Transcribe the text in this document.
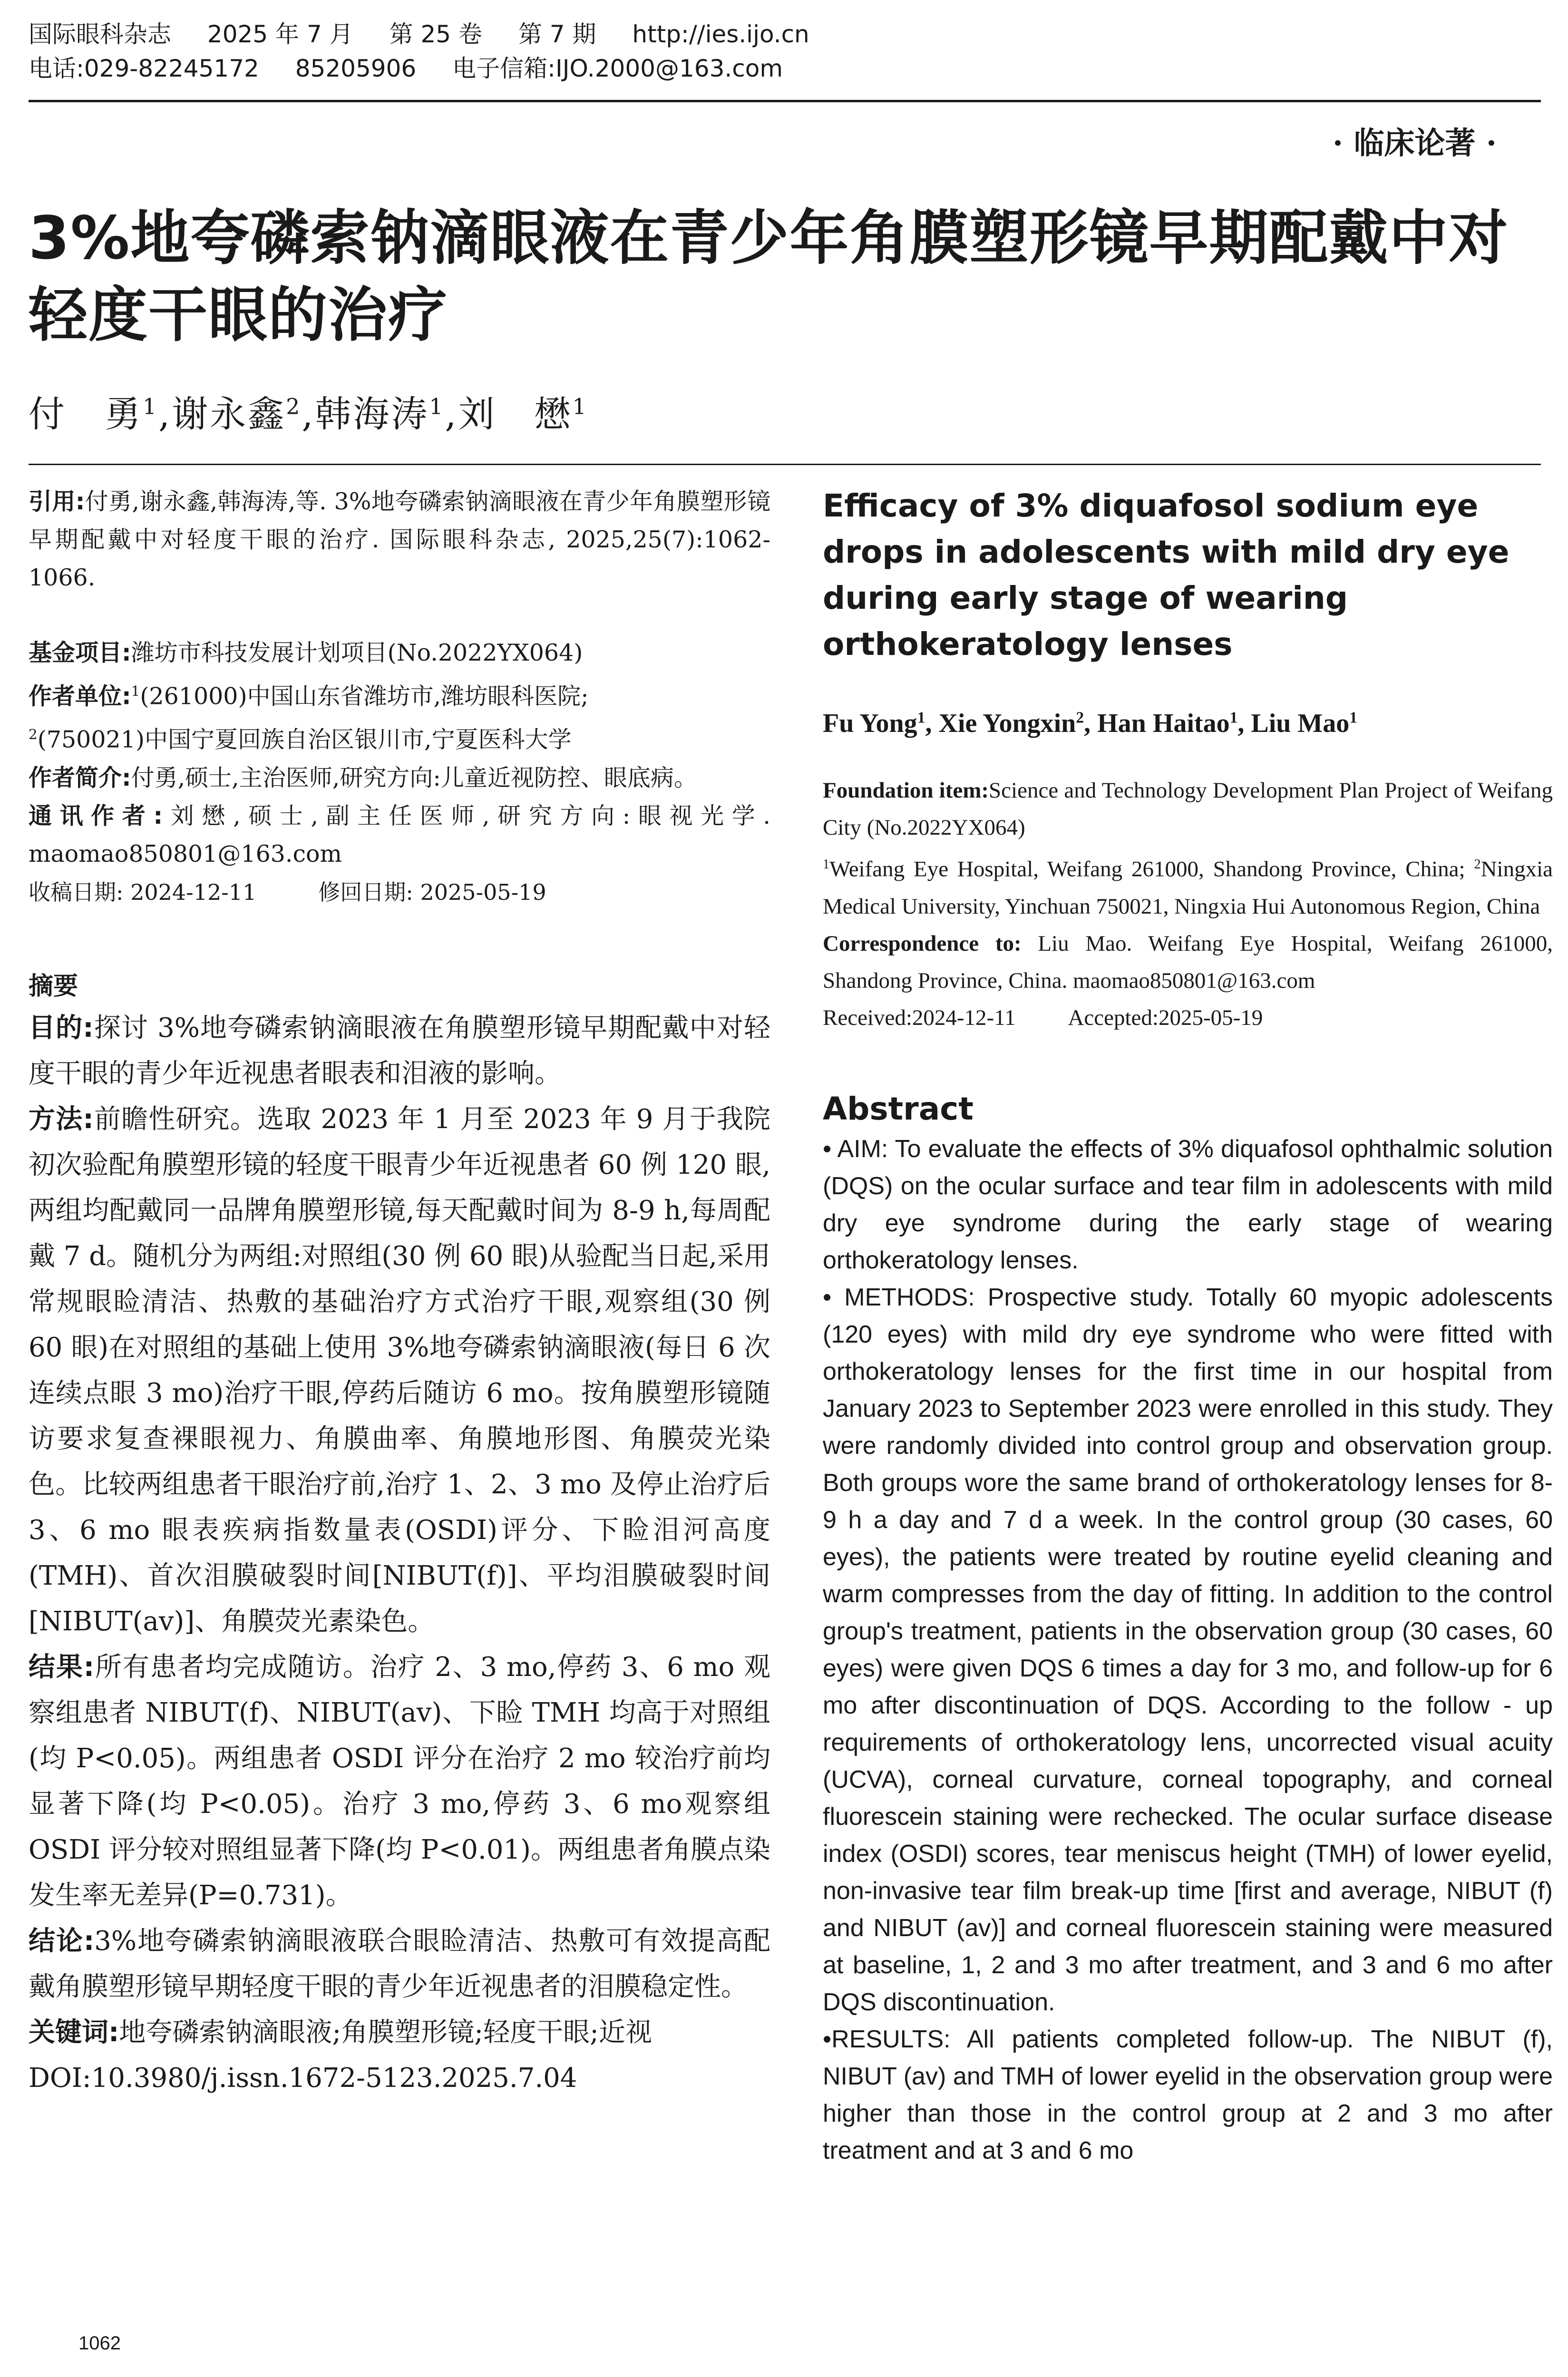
国际眼科杂志 2025 年 7 月 第 25 卷 第 7 期 http://ies.ijo.cn
电话:029-82245172 85205906 电子信箱:IJO.2000@163.com
· 临床论著 ·
3%地夸磷索钠滴眼液在青少年角膜塑形镜早期配戴中对轻度干眼的治疗
付　勇$^1$,谢永鑫$^2$,韩海涛$^1$,刘　懋$^1$

引用:付勇,谢永鑫,韩海涛,等. 3%地夸磷索钠滴眼液在青少年角膜塑形镜早期配戴中对轻度干眼的治疗. 国际眼科杂志, 2025,25(7):1062-1066.

基金项目:潍坊市科技发展计划项目(No.2022YX064)

作者单位:$^1$(261000)中国山东省潍坊市,潍坊眼科医院;
$^2$(750021)中国宁夏回族自治区银川市,宁夏医科大学

作者简介:付勇,硕士,主治医师,研究方向:儿童近视防控、眼底病。

通讯作者:刘懋,硕士,副主任医师,研究方向:眼视光学. maomao850801@163.com

收稿日期: 2024-12-11	修回日期: 2025-05-19
摘要

目的:探讨 3%地夸磷索钠滴眼液在角膜塑形镜早期配戴中对轻度干眼的青少年近视患者眼表和泪液的影响。

方法:前瞻性研究。选取 2023 年 1 月至 2023 年 9 月于我院初次验配角膜塑形镜的轻度干眼青少年近视患者 60 例 120 眼,两组均配戴同一品牌角膜塑形镜,每天配戴时间为 8-9 h,每周配戴 7 d。随机分为两组:对照组(30 例 60 眼)从验配当日起,采用常规眼睑清洁、热敷的基础治疗方式治疗干眼,观察组(30 例 60 眼)在对照组的基础上使用 3%地夸磷索钠滴眼液(每日 6 次连续点眼 3 mo)治疗干眼,停药后随访 6 mo。按角膜塑形镜随访要求复查裸眼视力、角膜曲率、角膜地形图、角膜荧光染色。比较两组患者干眼治疗前,治疗 1、2、3 mo 及停止治疗后 3、6 mo 眼表疾病指数量表(OSDI)评分、下睑泪河高度(TMH)、首次泪膜破裂时间[NIBUT(f)]、平均泪膜破裂时间[NIBUT(av)]、角膜荧光素染色。

结果:所有患者均完成随访。治疗 2、3 mo,停药 3、6 mo 观察组患者 NIBUT(f)、NIBUT(av)、下睑 TMH 均高于对照组(均 P<0.05)。两组患者 OSDI 评分在治疗 2 mo 较治疗前均显著下降(均 P<0.05)。治疗 3 mo,停药 3、6 mo观察组 OSDI 评分较对照组显著下降(均 P<0.01)。两组患者角膜点染发生率无差异(P=0.731)。

结论:3%地夸磷索钠滴眼液联合眼睑清洁、热敷可有效提高配戴角膜塑形镜早期轻度干眼的青少年近视患者的泪膜稳定性。

关键词:地夸磷索钠滴眼液;角膜塑形镜;轻度干眼;近视

DOI:10.3980/j.issn.1672-5123.2025.7.04

Efficacy of 3% diquafosol sodium eye drops in adolescents with mild dry eye during early stage of wearing orthokeratology lenses
Fu Yong$^1$, Xie Yongxin$^2$, Han Haitao$^1$, Liu Mao$^1$

Foundation item:Science and Technology Development Plan Project of Weifang City (No.2022YX064)

$^1$Weifang Eye Hospital, Weifang 261000, Shandong Province, China; $^2$Ningxia Medical University, Yinchuan 750021, Ningxia Hui Autonomous Region, China

Correspondence to: Liu Mao. Weifang Eye Hospital, Weifang 261000, Shandong Province, China. maomao850801@163.com

Received:2024-12-11 Accepted:2025-05-19

Abstract

• AIM: To evaluate the effects of 3% diquafosol ophthalmic solution (DQS) on the ocular surface and tear film in adolescents with mild dry eye syndrome during the early stage of wearing orthokeratology lenses.

• METHODS: Prospective study. Totally 60 myopic adolescents (120 eyes) with mild dry eye syndrome who were fitted with orthokeratology lenses for the first time in our hospital from January 2023 to September 2023 were enrolled in this study. They were randomly divided into control group and observation group. Both groups wore the same brand of orthokeratology lenses for 8-9 h a day and 7 d a week. In the control group (30 cases, 60 eyes), the patients were treated by routine eyelid cleaning and warm compresses from the day of fitting. In addition to the control group's treatment, patients in the observation group (30 cases, 60 eyes) were given DQS 6 times a day for 3 mo, and follow-up for 6 mo after discontinuation of DQS. According to the follow - up requirements of orthokeratology lens, uncorrected visual acuity (UCVA), corneal curvature, corneal topography, and corneal fluorescein staining were rechecked. The ocular surface disease index (OSDI) scores, tear meniscus height (TMH) of lower eyelid, non-invasive tear film break-up time [first and average, NIBUT (f) and NIBUT (av)] and corneal fluorescein staining were measured at baseline, 1, 2 and 3 mo after treatment, and 3 and 6 mo after DQS discontinuation.

•RESULTS: All patients completed follow-up. The NIBUT (f), NIBUT (av) and TMH of lower eyelid in the observation group were higher than those in the control group at 2 and 3 mo after treatment and at 3 and 6 mo

1062
